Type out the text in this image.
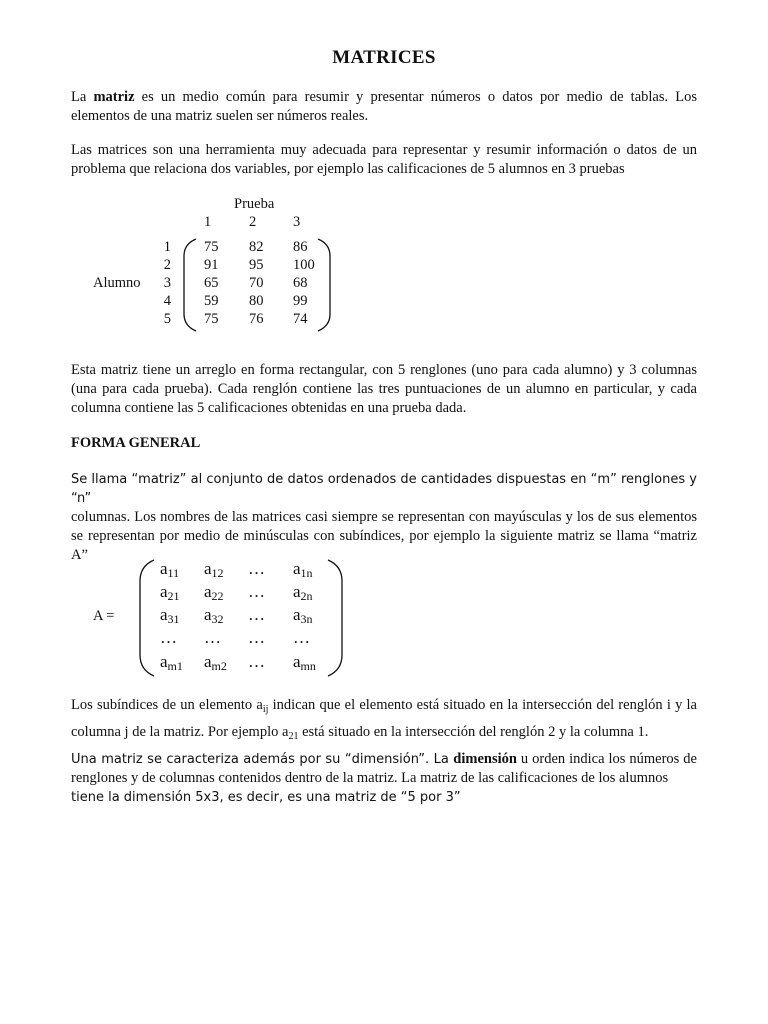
MATRICES

La matriz es un medio común para resumir y presentar números o datos por medio de tablas. Los elementos de una matriz suelen ser números reales.

Las matrices son una herramienta muy adecuada para representar y resumir información o datos de un problema que relaciona dos variables, por ejemplo las calificaciones de 5 alumnos en 3 pruebas

Prueba
1	2	3
Alumno
1
2
3
4
5
75 82 86
91 95 100
65 70 68
59 80 99
75 76 74

Esta matriz tiene un arreglo en forma rectangular, con 5 renglones (uno para cada alumno) y 3 columnas (una para cada prueba). Cada renglón contiene las tres puntuaciones de un alumno en particular, y cada columna contiene las 5 calificaciones obtenidas en una prueba dada.

FORMA GENERAL

Se llama “matriz” al conjunto de datos ordenados de cantidades dispuestas en “m” renglones y “n”

columnas. Los nombres de las matrices casi siempre se representan con mayúsculas y los de sus elementos se representan por medio de minúsculas con subíndices, por ejemplo la siguiente matriz se llama “matriz A”

A =
$a_{11}$ $a_{12}$ … $a_{1n}$
$a_{21}$ $a_{22}$ … $a_{2n}$
$a_{31}$ $a_{32}$ … $a_{3n}$
… … … …
$a_{m1}$ $a_{m2}$ … $a_{mn}$

Los subíndices de un elemento $a_{ij}$ indican que el elemento está situado en la intersección del renglón i y la columna j de la matriz. Por ejemplo $a_{21}$ está situado en la intersección del renglón 2 y la columna 1.

Una matriz se caracteriza además por su “dimensión”. La dimensión u orden indica los números de renglones y de columnas contenidos dentro de la matriz. La matriz de las calificaciones de los alumnos

tiene la dimensión 5x3, es decir, es una matriz de “5 por 3”
